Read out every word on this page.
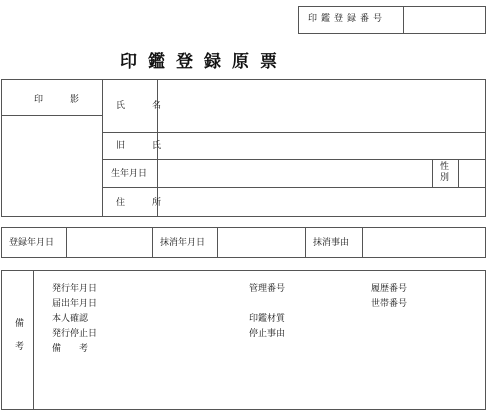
印鑑登録番号
印鑑登録原票
印　影
氏　名
旧　氏
生年月日
性別
住　所
登録年月日	抹消年月日	抹消事由
備考
発行年月日
届出年月日
本人確認
発行停止日
備　　考
管理番号
印鑑材質
停止事由
履歴番号
世帯番号
